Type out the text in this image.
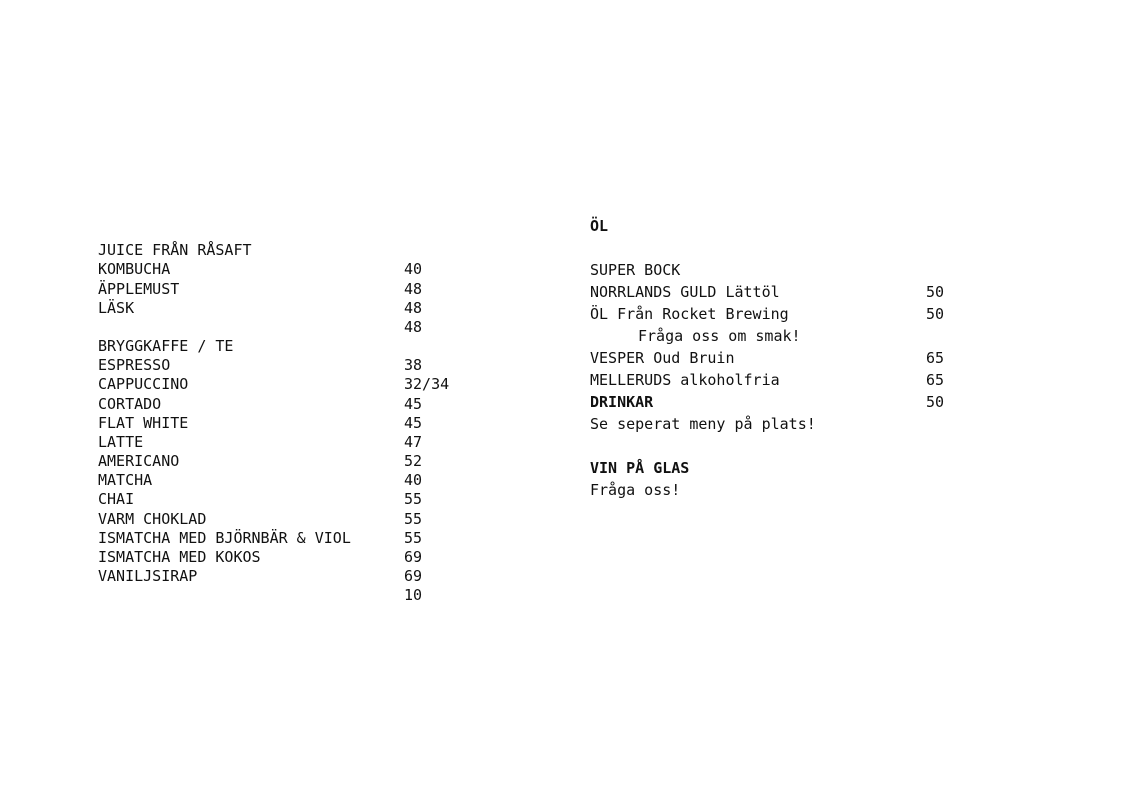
JUICE FRÅN RÅSAFT

40

KOMBUCHA

48

ÄPPLEMUST

48

LÄSK

48

BRYGGKAFFE / TE

38

ESPRESSO

32/34

CAPPUCCINO

45

CORTADO

45

FLAT WHITE

47

LATTE

52

AMERICANO

40

MATCHA

55

CHAI

55

VARM CHOKLAD

55

ISMATCHA MED BJÖRNBÄR & VIOL

69

ISMATCHA MED KOKOS

69

VANILJSIRAP

10

ÖL

SUPER BOCK

50

NORRLANDS GULD Lättöl

50

ÖL Från Rocket Brewing

Fråga oss om smak!

65

VESPER Oud Bruin

65

MELLERUDS alkoholfria

50

DRINKAR
Se seperat meny på plats!
VIN PÅ GLAS
Fråga oss!
